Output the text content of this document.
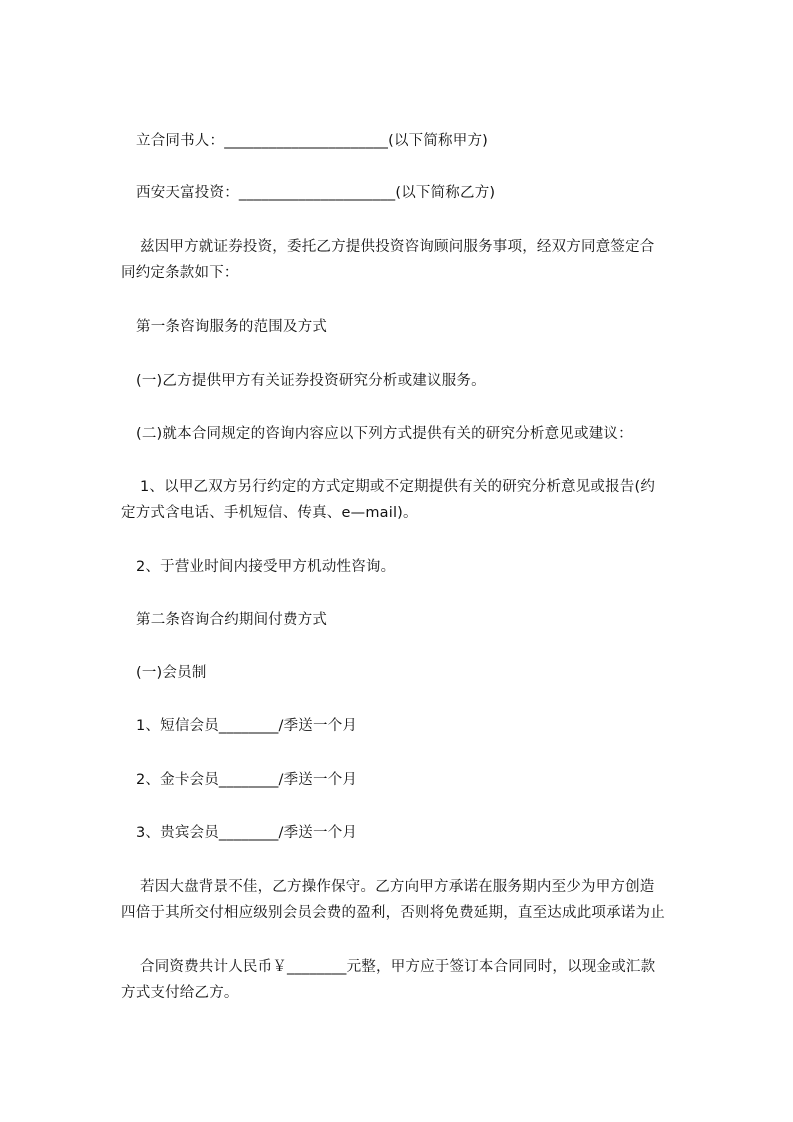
立合同书人：______________________(以下简称甲方)
西安天富投资：_____________________(以下简称乙方)
兹因甲方就证券投资，委托乙方提供投资咨询顾问服务事项，经双方同意签定合
同约定条款如下：
第一条咨询服务的范围及方式
(一)乙方提供甲方有关证券投资研究分析或建议服务。
(二)就本合同规定的咨询内容应以下列方式提供有关的研究分析意见或建议：
1、以甲乙双方另行约定的方式定期或不定期提供有关的研究分析意见或报告(约
定方式含电话、手机短信、传真、e—mail)。
2、于营业时间内接受甲方机动性咨询。
第二条咨询合约期间付费方式
(一)会员制
1、短信会员________/季送一个月
2、金卡会员________/季送一个月
3、贵宾会员________/季送一个月
若因大盘背景不佳，乙方操作保守。乙方向甲方承诺在服务期内至少为甲方创造
四倍于其所交付相应级别会员会费的盈利，否则将免费延期，直至达成此项承诺为止
合同资费共计人民币￥________元整，甲方应于签订本合同同时，以现金或汇款
方式支付给乙方。
